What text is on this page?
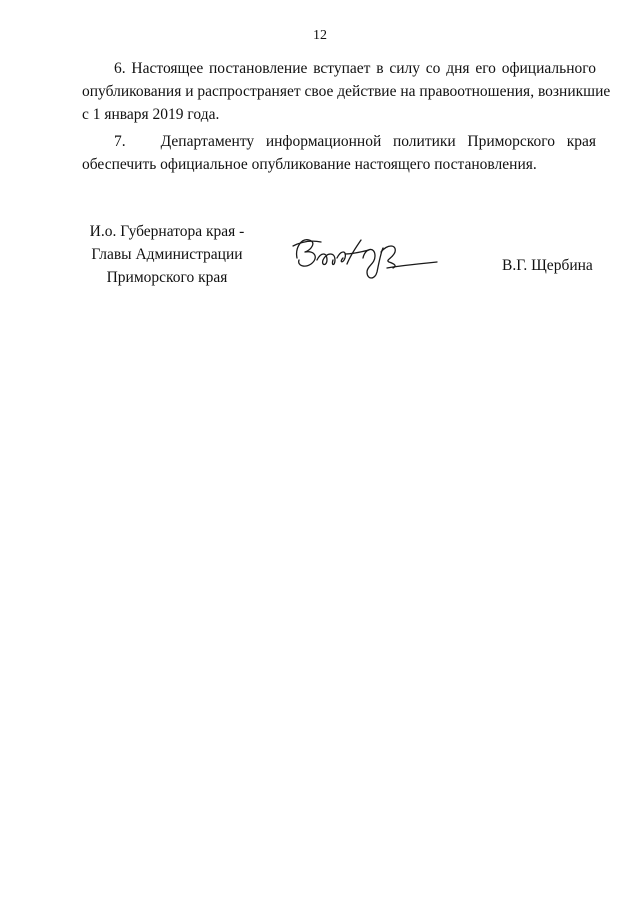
12

6. Настоящее постановление вступает в силу со дня его официального
опубликования и распространяет свое действие на правоотношения, возникшие
с 1 января 2019 года.

7.   Департаменту информационной политики Приморского края
обеспечить официальное опубликование настоящего постановления.

И.о. Губернатора края -
Главы Администрации
Приморского края
В.Г. Щербина
